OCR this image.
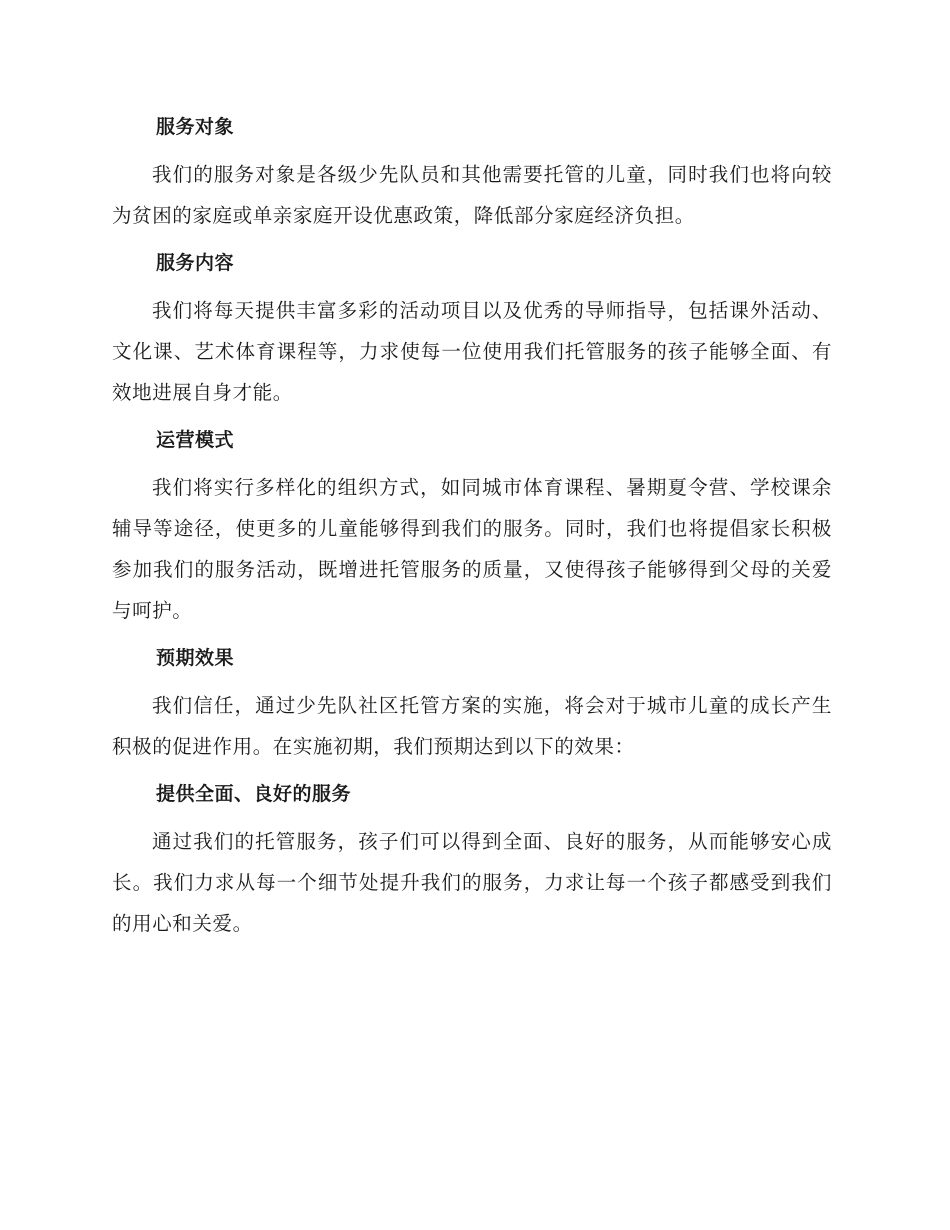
服务对象

我们的服务对象是各级少先队员和其他需要托管的儿童，同时我们也将向较为贫困的家庭或单亲家庭开设优惠政策，降低部分家庭经济负担。

服务内容

我们将每天提供丰富多彩的活动项目以及优秀的导师指导，包括课外活动、文化课、艺术体育课程等，力求使每一位使用我们托管服务的孩子能够全面、有效地进展自身才能。

运营模式

我们将实行多样化的组织方式，如同城市体育课程、暑期夏令营、学校课余辅导等途径，使更多的儿童能够得到我们的服务。同时，我们也将提倡家长积极参加我们的服务活动，既增进托管服务的质量，又使得孩子能够得到父母的关爱与呵护。

预期效果

我们信任，通过少先队社区托管方案的实施，将会对于城市儿童的成长产生积极的促进作用。在实施初期，我们预期达到以下的效果：

提供全面、良好的服务

通过我们的托管服务，孩子们可以得到全面、良好的服务，从而能够安心成长。我们力求从每一个细节处提升我们的服务，力求让每一个孩子都感受到我们的用心和关爱。
